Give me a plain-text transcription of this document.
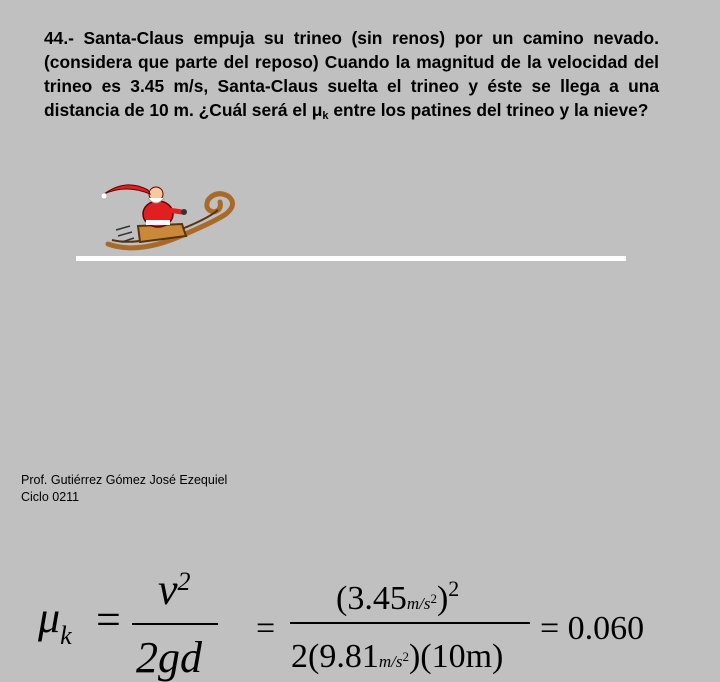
44.- Santa-Claus empuja su trineo (sin renos) por un camino nevado. (considera que parte del reposo) Cuando la magnitud de la velocidad del trineo es 3.45 m/s, Santa-Claus suelta el trineo y éste se llega a una distancia de 10 m. ¿Cuál será el $\mu_k$ entre los patines del trineo y la nieve?

$\mu_k$ =
$v^2$
2gd
=
$(3.45m/s^2)^2$
$2(9.81m/s^2)(10m)$
= 0.060
Prof. Gutiérrez Gómez José Ezequiel
Ciclo 0211
